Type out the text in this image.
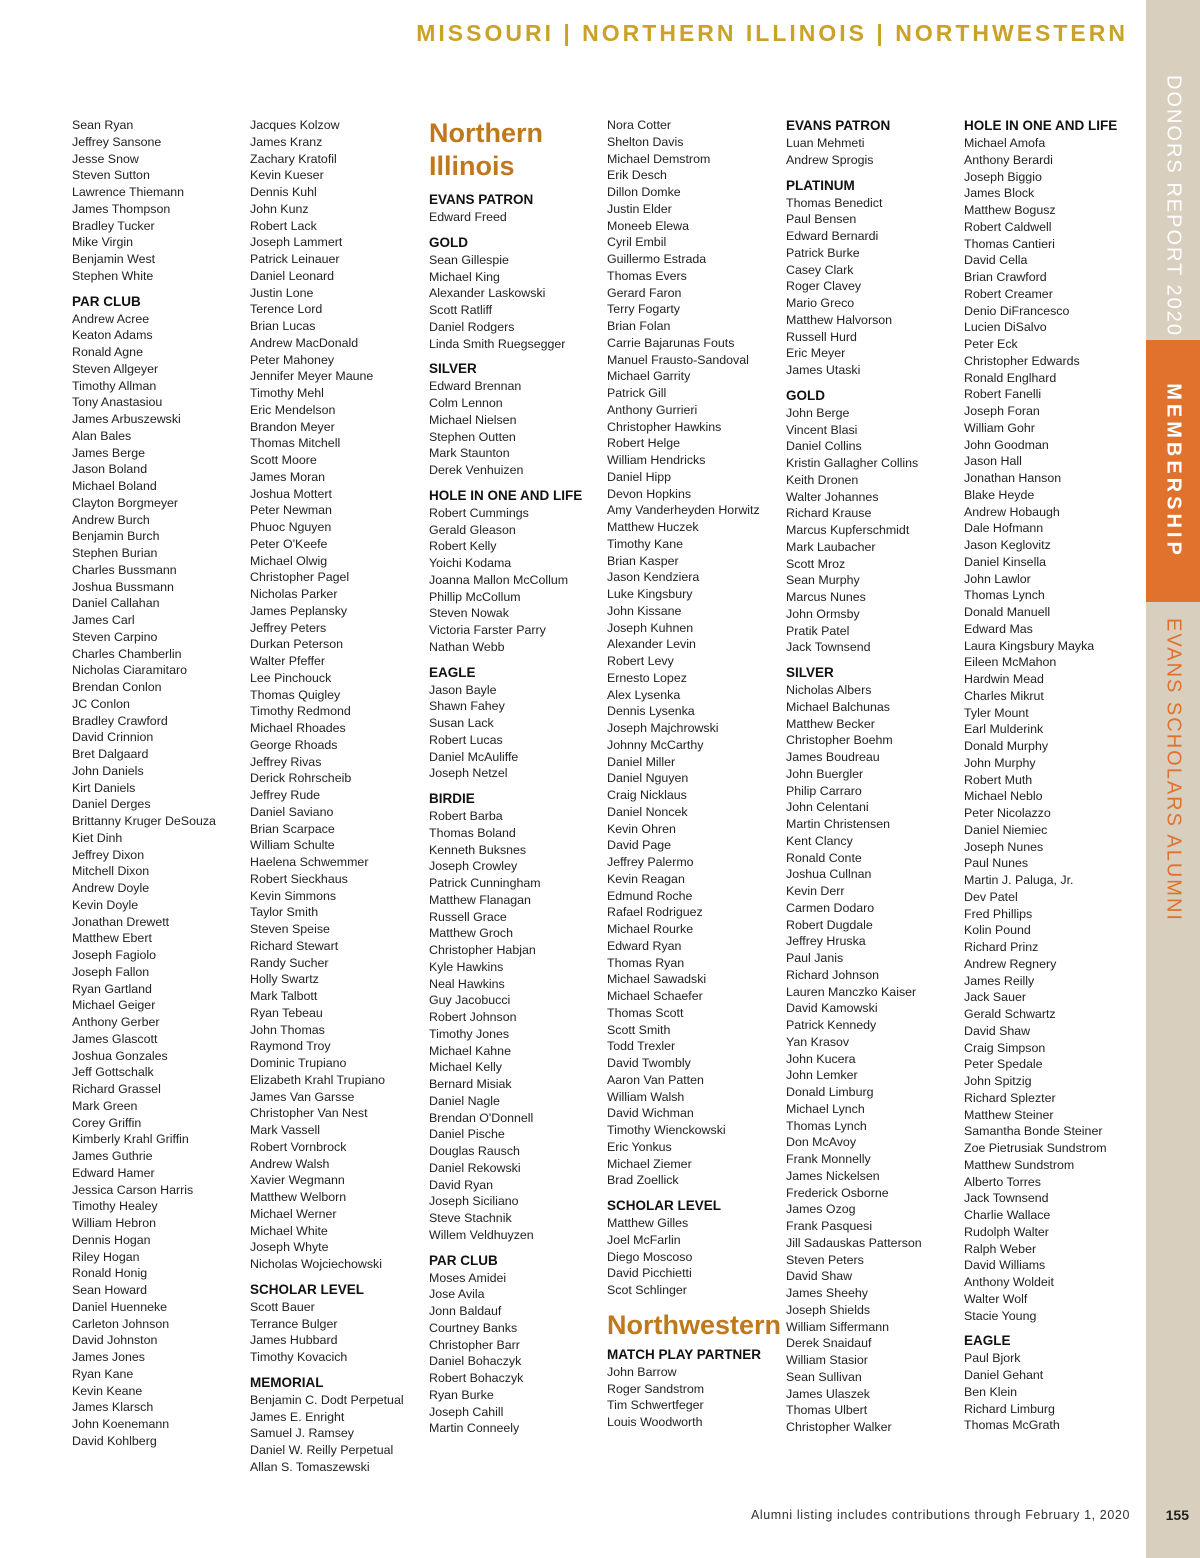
MISSOURI | NORTHERN ILLINOIS | NORTHWESTERN
DONORS REPORT 2020
MEMBERSHIP
EVANS SCHOLARS ALUMNI
Sean Ryan
Jeffrey Sansone
Jesse Snow
Steven Sutton
Lawrence Thiemann
James Thompson
Bradley Tucker
Mike Virgin
Benjamin West
Stephen White
PAR CLUB
Andrew Acree
Keaton Adams
Ronald Agne
Steven Allgeyer
Timothy Allman
Tony Anastasiou
James Arbuszewski
Alan Bales
James Berge
Jason Boland
Michael Boland
Clayton Borgmeyer
Andrew Burch
Benjamin Burch
Stephen Burian
Charles Bussmann
Joshua Bussmann
Daniel Callahan
James Carl
Steven Carpino
Charles Chamberlin
Nicholas Ciaramitaro
Brendan Conlon
JC Conlon
Bradley Crawford
David Crinnion
Bret Dalgaard
John Daniels
Kirt Daniels
Daniel Derges
Brittanny Kruger DeSouza
Kiet Dinh
Jeffrey Dixon
Mitchell Dixon
Andrew Doyle
Kevin Doyle
Jonathan Drewett
Matthew Ebert
Joseph Fagiolo
Joseph Fallon
Ryan Gartland
Michael Geiger
Anthony Gerber
James Glascott
Joshua Gonzales
Jeff Gottschalk
Richard Grassel
Mark Green
Corey Griffin
Kimberly Krahl Griffin
James Guthrie
Edward Hamer
Jessica Carson Harris
Timothy Healey
William Hebron
Dennis Hogan
Riley Hogan
Ronald Honig
Sean Howard
Daniel Huenneke
Carleton Johnson
David Johnston
James Jones
Ryan Kane
Kevin Keane
James Klarsch
John Koenemann
David Kohlberg
Jacques Kolzow
James Kranz
Zachary Kratofil
Kevin Kueser
Dennis Kuhl
John Kunz
Robert Lack
Joseph Lammert
Patrick Leinauer
Daniel Leonard
Justin Lone
Terence Lord
Brian Lucas
Andrew MacDonald
Peter Mahoney
Jennifer Meyer Maune
Timothy Mehl
Eric Mendelson
Brandon Meyer
Thomas Mitchell
Scott Moore
James Moran
Joshua Mottert
Peter Newman
Phuoc Nguyen
Peter O'Keefe
Michael Olwig
Christopher Pagel
Nicholas Parker
James Peplansky
Jeffrey Peters
Durkan Peterson
Walter Pfeffer
Lee Pinchouck
Thomas Quigley
Timothy Redmond
Michael Rhoades
George Rhoads
Jeffrey Rivas
Derick Rohrscheib
Jeffrey Rude
Daniel Saviano
Brian Scarpace
William Schulte
Haelena Schwemmer
Robert Sieckhaus
Kevin Simmons
Taylor Smith
Steven Speise
Richard Stewart
Randy Sucher
Holly Swartz
Mark Talbott
Ryan Tebeau
John Thomas
Raymond Troy
Dominic Trupiano
Elizabeth Krahl Trupiano
James Van Garsse
Christopher Van Nest
Mark Vassell
Robert Vornbrock
Andrew Walsh
Xavier Wegmann
Matthew Welborn
Michael Werner
Michael White
Joseph Whyte
Nicholas Wojciechowski
SCHOLAR LEVEL
Scott Bauer
Terrance Bulger
James Hubbard
Timothy Kovacich
MEMORIAL
Benjamin C. Dodt Perpetual
James E. Enright
Samuel J. Ramsey
Daniel W. Reilly Perpetual
Allan S. Tomaszewski
Northern Illinois
EVANS PATRON
Edward Freed
GOLD
Sean Gillespie
Michael King
Alexander Laskowski
Scott Ratliff
Daniel Rodgers
Linda Smith Ruegsegger
SILVER
Edward Brennan
Colm Lennon
Michael Nielsen
Stephen Outten
Mark Staunton
Derek Venhuizen
HOLE IN ONE AND LIFE
Robert Cummings
Gerald Gleason
Robert Kelly
Yoichi Kodama
Joanna Mallon McCollum
Phillip McCollum
Steven Nowak
Victoria Farster Parry
Nathan Webb
EAGLE
Jason Bayle
Shawn Fahey
Susan Lack
Robert Lucas
Daniel McAuliffe
Joseph Netzel
BIRDIE
Robert Barba
Thomas Boland
Kenneth Buksnes
Joseph Crowley
Patrick Cunningham
Matthew Flanagan
Russell Grace
Matthew Groch
Christopher Habjan
Kyle Hawkins
Neal Hawkins
Guy Jacobucci
Robert Johnson
Timothy Jones
Michael Kahne
Michael Kelly
Bernard Misiak
Daniel Nagle
Brendan O'Donnell
Daniel Pische
Douglas Rausch
Daniel Rekowski
David Ryan
Joseph Siciliano
Steve Stachnik
Willem Veldhuyzen
PAR CLUB
Moses Amidei
Jose Avila
Jonn Baldauf
Courtney Banks
Christopher Barr
Daniel Bohaczyk
Robert Bohaczyk
Ryan Burke
Joseph Cahill
Martin Conneely
Nora Cotter
Shelton Davis
Michael Demstrom
Erik Desch
Dillon Domke
Justin Elder
Moneeb Elewa
Cyril Embil
Guillermo Estrada
Thomas Evers
Gerard Faron
Terry Fogarty
Brian Folan
Carrie Bajarunas Fouts
Manuel Frausto-Sandoval
Michael Garrity
Patrick Gill
Anthony Gurrieri
Christopher Hawkins
Robert Helge
William Hendricks
Daniel Hipp
Devon Hopkins
Amy Vanderheyden Horwitz
Matthew Huczek
Timothy Kane
Brian Kasper
Jason Kendziera
Luke Kingsbury
John Kissane
Joseph Kuhnen
Alexander Levin
Robert Levy
Ernesto Lopez
Alex Lysenka
Dennis Lysenka
Joseph Majchrowski
Johnny McCarthy
Daniel Miller
Daniel Nguyen
Craig Nicklaus
Daniel Noncek
Kevin Ohren
David Page
Jeffrey Palermo
Kevin Reagan
Edmund Roche
Rafael Rodriguez
Michael Rourke
Edward Ryan
Thomas Ryan
Michael Sawadski
Michael Schaefer
Thomas Scott
Scott Smith
Todd Trexler
David Twombly
Aaron Van Patten
William Walsh
David Wichman
Timothy Wienckowski
Eric Yonkus
Michael Ziemer
Brad Zoellick
SCHOLAR LEVEL
Matthew Gilles
Joel McFarlin
Diego Moscoso
David Picchietti
Scot Schlinger
Northwestern
MATCH PLAY PARTNER
John Barrow
Roger Sandstrom
Tim Schwertfeger
Louis Woodworth
EVANS PATRON
Luan Mehmeti
Andrew Sprogis
PLATINUM
Thomas Benedict
Paul Bensen
Edward Bernardi
Patrick Burke
Casey Clark
Roger Clavey
Mario Greco
Matthew Halvorson
Russell Hurd
Eric Meyer
James Utaski
GOLD
John Berge
Vincent Blasi
Daniel Collins
Kristin Gallagher Collins
Keith Dronen
Walter Johannes
Richard Krause
Marcus Kupferschmidt
Mark Laubacher
Scott Mroz
Sean Murphy
Marcus Nunes
John Ormsby
Pratik Patel
Jack Townsend
SILVER
Nicholas Albers
Michael Balchunas
Matthew Becker
Christopher Boehm
James Boudreau
John Buergler
Philip Carraro
John Celentani
Martin Christensen
Kent Clancy
Ronald Conte
Joshua Cullnan
Kevin Derr
Carmen Dodaro
Robert Dugdale
Jeffrey Hruska
Paul Janis
Richard Johnson
Lauren Manczko Kaiser
David Kamowski
Patrick Kennedy
Yan Krasov
John Kucera
John Lemker
Donald Limburg
Michael Lynch
Thomas Lynch
Don McAvoy
Frank Monnelly
James Nickelsen
Frederick Osborne
James Ozog
Frank Pasquesi
Jill Sadauskas Patterson
Steven Peters
David Shaw
James Sheehy
Joseph Shields
William Siffermann
Derek Snaidauf
William Stasior
Sean Sullivan
James Ulaszek
Thomas Ulbert
Christopher Walker
HOLE IN ONE AND LIFE
Michael Amofa
Anthony Berardi
Joseph Biggio
James Block
Matthew Bogusz
Robert Caldwell
Thomas Cantieri
David Cella
Brian Crawford
Robert Creamer
Denio DiFrancesco
Lucien DiSalvo
Peter Eck
Christopher Edwards
Ronald Englhard
Robert Fanelli
Joseph Foran
William Gohr
John Goodman
Jason Hall
Jonathan Hanson
Blake Heyde
Andrew Hobaugh
Dale Hofmann
Jason Keglovitz
Daniel Kinsella
John Lawlor
Thomas Lynch
Donald Manuell
Edward Mas
Laura Kingsbury Mayka
Eileen McMahon
Hardwin Mead
Charles Mikrut
Tyler Mount
Earl Mulderink
Donald Murphy
John Murphy
Robert Muth
Michael Neblo
Peter Nicolazzo
Daniel Niemiec
Joseph Nunes
Paul Nunes
Martin J. Paluga, Jr.
Dev Patel
Fred Phillips
Kolin Pound
Richard Prinz
Andrew Regnery
James Reilly
Jack Sauer
Gerald Schwartz
David Shaw
Craig Simpson
Peter Spedale
John Spitzig
Richard Splezter
Matthew Steiner
Samantha Bonde Steiner
Zoe Pietrusiak Sundstrom
Matthew Sundstrom
Alberto Torres
Jack Townsend
Charlie Wallace
Rudolph Walter
Ralph Weber
David Williams
Anthony Woldeit
Walter Wolf
Stacie Young
EAGLE
Paul Bjork
Daniel Gehant
Ben Klein
Richard Limburg
Thomas McGrath
Alumni listing includes contributions through February 1, 2020	155
